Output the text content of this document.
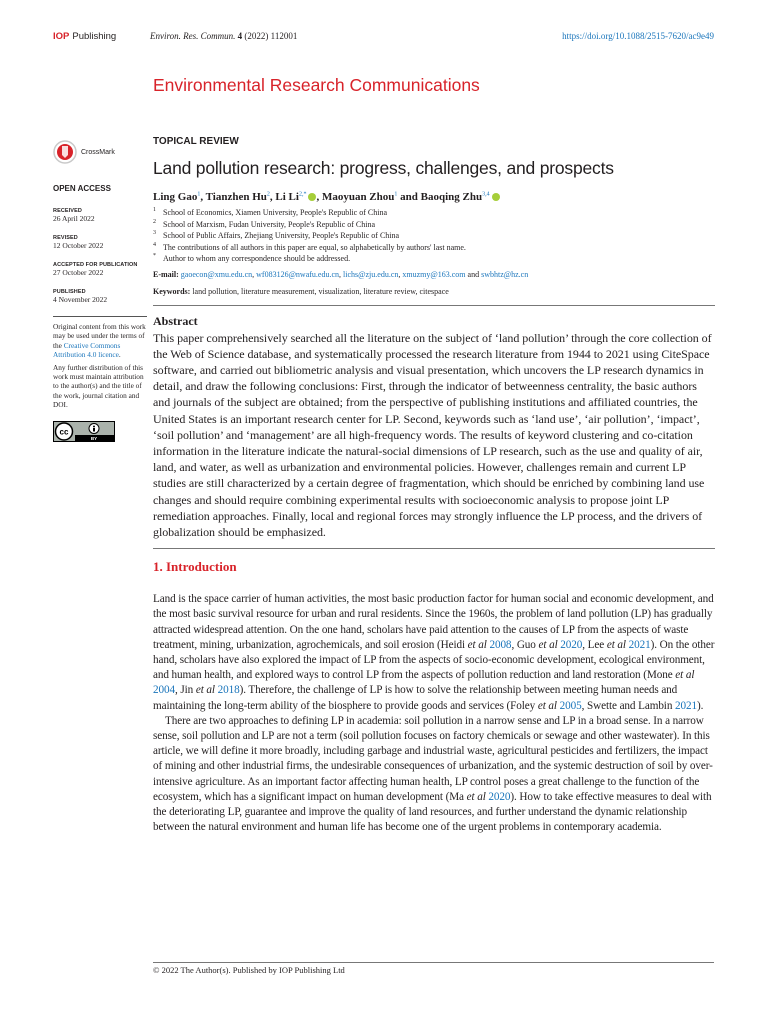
IOP Publishing	Environ. Res. Commun. 4 (2022) 112001	https://doi.org/10.1088/2515-7620/ac9e49
Environmental Research Communications
CrossMark
OPEN ACCESS
RECEIVED
26 April 2022
REVISED
12 October 2022
ACCEPTED FOR PUBLICATION
27 October 2022
PUBLISHED
4 November 2022

Original content from this work may be used under the terms of the Creative Commons Attribution 4.0 licence.

Any further distribution of this work must maintain attribution to the author(s) and the title of the work, journal citation and DOI.

cc
BY
TOPICAL REVIEW
Land pollution research: progress, challenges, and prospects
Ling Gao$^1$, Tianzhen Hu$^2$, Li $Li^{2,*}$ , Maoyuan Zhou$^1$ and Baoqing Zhu$^{3,4}$
1 School of Economics, Xiamen University, People's Republic of China
2 School of Marxism, Fudan University, People's Republic of China
3 School of Public Affairs, Zhejiang University, People's Republic of China
4 The contributions of all authors in this paper are equal, so alphabetically by authors' last name.
* Author to whom any correspondence should be addressed.
E-mail: gaoecon@xmu.edu.cn, wf083126@nwafu.edu.cn, lichs@zju.edu.cn, xmuzmy@163.com and swbhtz@hz.cn
Keywords: land pollution, literature measurement, visualization, literature review, citespace
Abstract
This paper comprehensively searched all the literature on the subject of ‘land pollution’ through the core collection of the Web of Science database, and systematically processed the research literature from 1944 to 2021 using CiteSpace software, and carried out bibliometric analysis and visual presentation, which uncovers the LP research dynamics in detail, and draw the following conclusions: First, through the indicator of betweenness centrality, the basic authors and journals of the subject are obtained; from the perspective of publishing institutions and affiliated countries, the United States is an important research center for LP. Second, keywords such as ‘land use’, ‘air pollution’, ‘impact’, ‘soil pollution’ and ‘management’ are all high-frequency words. The results of keyword clustering and co-citation information in the literature indicate the natural-social dimensions of LP research, such as the use and quality of air, land, and water, as well as urbanization and environmental policies. However, challenges remain and current LP studies are still characterized by a certain degree of fragmentation, which should be enriched by combining land use changes and should require combining experimental results with socioeconomic analysis to propose joint LP remediation approaches. Finally, local and regional forces may strongly influence the LP process, and the drivers of globalization should be emphasized.
1. Introduction

Land is the space carrier of human activities, the most basic production factor for human social and economic development, and the most basic survival resource for urban and rural residents. Since the 1960s, the problem of land pollution (LP) has gradually attracted widespread attention. On the one hand, scholars have paid attention to the causes of LP from the aspects of waste treatment, mining, urbanization, agrochemicals, and soil erosion (Heidi et al 2008, Guo et al 2020, Lee et al 2021). On the other hand, scholars have also explored the impact of LP from the aspects of socio-economic development, ecological environment, and human health, and explored ways to control LP from the aspects of pollution reduction and land restoration (Mone et al 2004, Jin et al 2018). Therefore, the challenge of LP is how to solve the relationship between meeting human needs and maintaining the long-term ability of the biosphere to provide goods and services (Foley et al 2005, Swette and Lambin 2021).

There are two approaches to defining LP in academia: soil pollution in a narrow sense and LP in a broad sense. In a narrow sense, soil pollution and LP are not a term (soil pollution focuses on factory chemicals or sewage and other wastewater). In this article, we will define it more broadly, including garbage and industrial waste, agricultural pesticides and fertilizers, the impact of mining and other industrial firms, the undesirable consequences of urbanization, and the systemic destruction of soil by over-intensive agriculture. As an important factor affecting human health, LP control poses a great challenge to the function of the ecosystem, which has a significant impact on human development (Ma et al 2020). How to take effective measures to deal with the deteriorating LP, guarantee and improve the quality of land resources, and further understand the dynamic relationship between the natural environment and human life has become one of the urgent problems in contemporary academia.

© 2022 The Author(s). Published by IOP Publishing Ltd
